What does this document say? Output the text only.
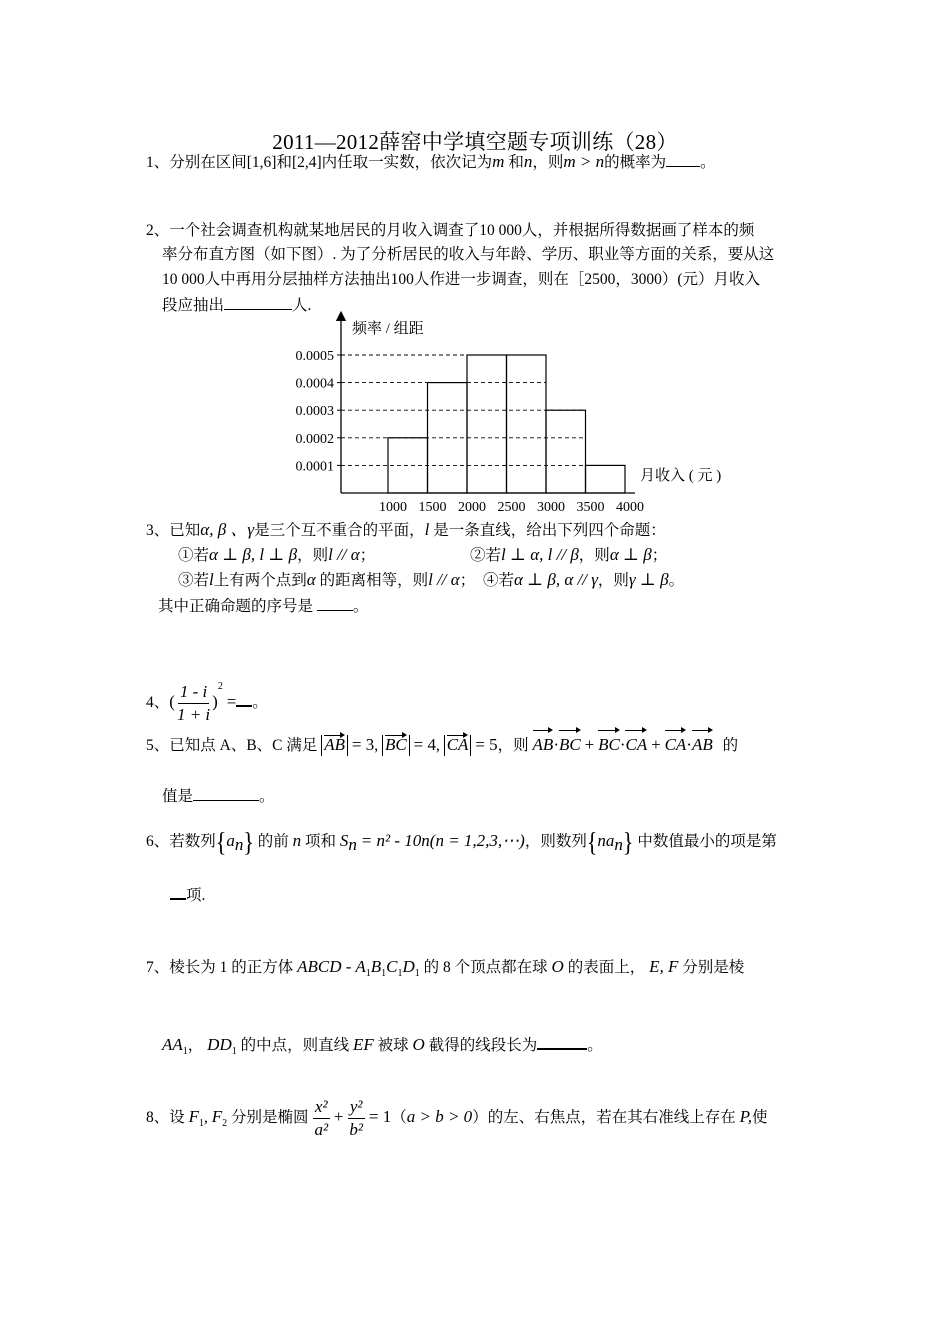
2011—2012薛窑中学填空题专项训练（28）
1、分别在区间[1,6]和[2,4]内任取一实数，依次记为m 和n，则m > n的概率为 。
2、一个社会调查机构就某地居民的月收入调查了10 000人，并根据所得数据画了样本的频
率分布直方图（如下图）. 为了分析居民的收入与年龄、学历、职业等方面的关系，要从这
10 000人中再用分层抽样方法抽出100人作进一步调查，则在［2500，3000）(元）月收入
段应抽出	人.
频率 / 组距
月收入 ( 元 )
0.0001
0.0002
0.0003
0.0004
0.0005
1000 1500 2000 2500 3000 3500 4000
3、已知α, β 、γ是三个互不重合的平面，l 是一条直线，给出下列四个命题：
①若α ⊥ β, l ⊥ β，则l // α；	②若l ⊥ α, l // β，则α ⊥ β；
③若l上有两个点到α 的距离相等，则l // α； ④若α ⊥ β, α // γ，则γ ⊥ β。
其中正确命题的序号是	。
4、( $\frac{1 - i}{1 + i} )^2$ = 。
5、已知点 A、B、C 满足 AB = 3, BC = 4, CA = 5，则 AB·BC + BC·CA + CA·AB 的
值是	。
6、若数列$\{a_n\}$ 的前 n 项和 $S_n = n^2 - 10n(n$ = 1,2,3,⋯)，则数列$\{na_n\}$ 中数值最小的项是第
项.
7、棱长为 1 的正方体 ABCD - $A_1B_1C_1D_1$ 的 8 个顶点都在球 O 的表面上， E, F 分别是棱
$AA_1$， $DD_1$ 的中点，则直线 EF 被球 O 截得的线段长为	。
8、设 $F_1$, $F_2$ 分别是椭圆 $\frac{\text{x²}}{\text{a²}} + \frac{\text{y²}}{\text{b²}} = 1(a > b > 0)$的左、右焦点，若在其右准线上存在 P,使
